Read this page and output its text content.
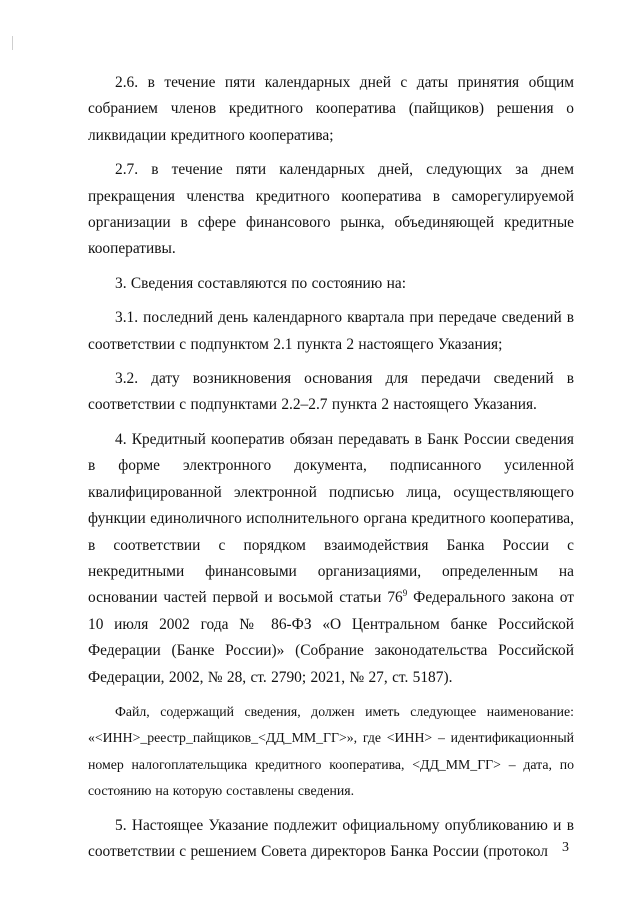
2.6. в течение пяти календарных дней с даты принятия общим собранием членов кредитного кооператива (пайщиков) решения о ликвидации кредитного кооператива;

2.7. в течение пяти календарных дней, следующих за днем прекращения членства кредитного кооператива в саморегулируемой организации в сфере финансового рынка, объединяющей кредитные кооперативы.

3. Сведения составляются по состоянию на:

3.1. последний день календарного квартала при передаче сведений в соответствии с подпунктом 2.1 пункта 2 настоящего Указания;

3.2. дату возникновения основания для передачи сведений в соответствии с подпунктами 2.2–2.7 пункта 2 настоящего Указания.

4. Кредитный кооператив обязан передавать в Банк России сведения в форме электронного документа, подписанного усиленной квалифицированной электронной подписью лица, осуществляющего функции единоличного исполнительного органа кредитного кооператива, в соответствии с порядком взаимодействия Банка России с некредитными финансовыми организациями, определенным на основании частей первой и восьмой статьи $76^9$ Федерального закона от 10 июля 2002 года № 86-ФЗ «О Центральном банке Российской Федерации (Банке России)» (Собрание законодательства Российской Федерации, 2002, № 28, ст. 2790; 2021, № 27, ст. 5187).

Файл, содержащий сведения, должен иметь следующее наименование: «<ИНН>_реестр_пайщиков_<ДД_ММ_ГГ>», где <ИНН> – идентификационный номер налогоплательщика кредитного кооператива, <ДД_ММ_ГГ> – дата, по состоянию на которую составлены сведения.

5. Настоящее Указание подлежит официальному опубликованию и в соответствии с решением Совета директоров Банка России (протокол	3
